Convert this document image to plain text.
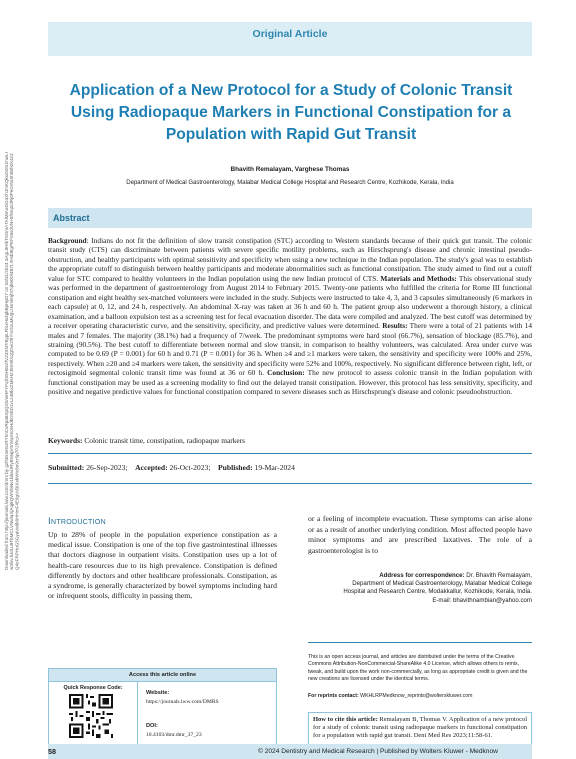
Downloaded from http://journals.lww.com/dmrs by gzfNG4eGzRYtmCvRpa8XpQXiVwHFYFqhS5H8vZfVZ3SN7r8ypLRSxHx4gkBpHpD7 on 03/31/2024 3AgL8HrkT5OmA7AlMIAoGG4XhJmKQkuG0mZnwLIw3lsvJiJdLu9TbMCLVNwlqXjAqj8QWmbNv1bbaclRyBWajV0rWqX5c6HdbhS8D1vLz4BkxZMsHZJ8m9lXqQDw1f9YmGzuMUgUJsmi5Ijht7qb90Dl4B7LrtHdI8IgPEFn8sdVN+8fWqIzdRj0PeGrNUIh88h0X4zZQ4eFRPHoG5GyaVe8k8HHmF4E6gVd3IXxkWtc8e9cr5p7P2lRcA=
Original Article
Application of a New Protocol for a Study of Colonic Transit Using Radiopaque Markers in Functional Constipation for a Population with Rapid Gut Transit
Bhavith Remalayam, Varghese Thomas
Department of Medical Gastroenterology, Malabar Medical College Hospital and Research Centre, Kozhikode, Kerala, India
Abstract
Background: Indians do not fit the definition of slow transit constipation (STC) according to Western standards because of their quick gut transit. The colonic transit study (CTS) can discriminate between patients with severe specific motility problems, such as Hirschsprung's disease and chronic intestinal pseudo-obstruction, and healthy participants with optimal sensitivity and specificity when using a new technique in the Indian population. The study's goal was to establish the appropriate cutoff to distinguish between healthy participants and moderate abnormalities such as functional constipation. The study aimed to find out a cutoff value for STC compared to healthy volunteers in the Indian population using the new Indian protocol of CTS. Materials and Methods: This observational study was performed in the department of gastroenterology from August 2014 to February 2015. Twenty-one patients who fulfilled the criteria for Rome III functional constipation and eight healthy sex-matched volunteers were included in the study. Subjects were instructed to take 4, 3, and 3 capsules simultaneously (6 markers in each capsule) at 0, 12, and 24 h, respectively. An abdominal X-ray was taken at 36 h and 60 h. The patient group also underwent a thorough history, a clinical examination, and a balloon expulsion test as a screening test for fecal evacuation disorder. The data were compiled and analyzed. The best cutoff was determined by a receiver operating characteristic curve, and the sensitivity, specificity, and predictive values were determined. Results: There were a total of 21 patients with 14 males and 7 females. The majority (38.1%) had a frequency of 7/week. The predominant symptoms were hard stool (66.7%), sensation of blockage (85.7%), and straining (90.5%). The best cutoff to differentiate between normal and slow transit, in comparison to healthy volunteers, was calculated. Area under curve was computed to be 0.69 (P = 0.001) for 60 h and 0.71 (P = 0.001) for 36 h. When ≥4 and ≥1 markers were taken, the sensitivity and specificity were 100% and 25%, respectively. When ≥20 and ≥4 markers were taken, the sensitivity and specificity were 52% and 100%, respectively. No significant difference between right, left, or rectosigmoid segmental colonic transit time was found at 36 or 60 h. Conclusion: The new protocol to assess colonic transit in the Indian population with functional constipation may be used as a screening modality to find out the delayed transit constipation. However, this protocol has less sensitivity, specificity, and positive and negative predictive values for functional constipation compared to severe diseases such as Hirschsprung's disease and colonic pseudoobstruction.
Keywords: Colonic transit time, constipation, radiopaque markers
Submitted: 26-Sep-2023; Accepted: 26-Oct-2023; Published: 19-Mar-2024
Introduction
Up to 28% of people in the population experience constipation as a medical issue. Constipation is one of the top five gastrointestinal illnesses that doctors diagnose in outpatient visits. Constipation uses up a lot of health-care resources due to its high prevalence. Constipation is defined differently by doctors and other healthcare professionals. Constipation, as a syndrome, is generally characterized by bowel symptoms including hard or infrequent stools, difficulty in passing them,
or a feeling of incomplete evacuation. These symptoms can arise alone or as a result of another underlying condition. Most affected people have minor symptoms and are prescribed laxatives. The role of a gastroenterologist is to
Access this article online
Quick Response Code:
Website:
https://journals.lww.com/DMRS
DOI:
10.4103/dmr.dmr_37_23
Address for correspondence: Dr. Bhavith Remalayam,
Department of Medical Gastroenterology, Malabar Medical College
Hospital and Research Centre, Modakkallur, Kozhikode, Kerala, India.
E-mail: bhavithnambian@yahoo.com
This is an open access journal, and articles are distributed under the terms of the Creative Commons Attribution-NonCommercial-ShareAlike 4.0 License, which allows others to remix, tweak, and build upon the work non-commercially, as long as appropriate credit is given and the new creations are licensed under the identical terms.
For reprints contact: WKHLRPMedknow_reprints@wolterskluwer.com
How to cite this article: Remalayam B, Thomas V. Application of a new protocol for a study of colonic transit using radiopaque markers in functional constipation for a population with rapid gut transit. Dent Med Res 2023;11:58-61.
58	© 2024 Dentistry and Medical Research | Published by Wolters Kluwer - Medknow
